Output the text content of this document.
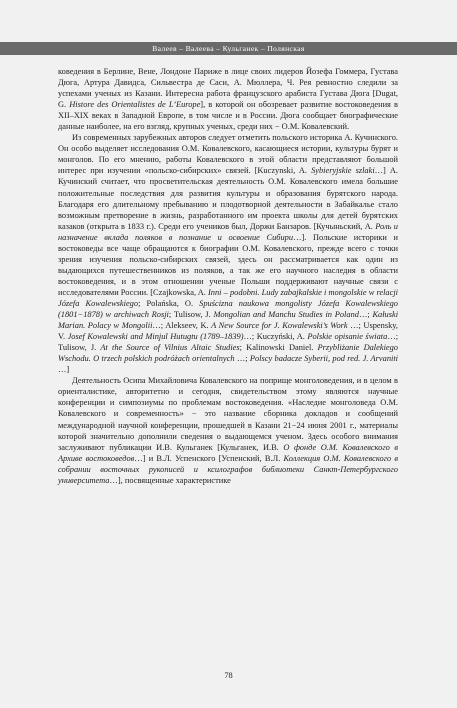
Валеев – Валеева – Кульганек – Полянская

коведения в Берлине, Вене, Лондоне Париже в лице своих лидеров Йозефа Гоммера, Густава Дюга, Артура Давидса, Сильвестра де Саси, А. Мюллера, Ч. Рея ревностно следили за успехами ученых из Казани. Интересна работа французского арабиста Густава Дюга [Dugat, G. Histore des Orientalistes de L’Europe], в которой он обозревает развитие востоковедения в XII–XIX веках в Западной Европе, в том числе и в России. Дюга сообщает биографические данные наиболее, на его взгляд, крупных ученых, среди них − О.М. Ковалевский.

Из современных зарубежных авторов следует отметить польского историка А. Кучинского. Он особо выделяет исследования О.М. Ковалевского, касающиеся истории, культуры бурят и монголов. По его мнению, работы Ковалевского в этой области представляют большой интерес при изучении «польско-сибирских» связей. [Kuczynski, A. Sybieryjskie szlaki…] А. Кучинский считает, что просветительская деятельность О.М. Ковалевского имела большие положительные последствия для развития культуры и образования бурятского народа. Благодаря его длительному пребыванию и плодотворной деятельности в Забайкалье стало возможным претворение в жизнь, разработанного им проекта школы для детей бурятских казаков (открыта в 1833 г.). Среди его учеников был, Доржи Банзаров. [Кучыньский, А. Роль и назначение вклада поляков в познание и освоение Сибири…]. Польские историки и востоковеды все чаще обращаются к биографии О.М. Ковалевского, прежде всего с точки зрения изучения польско-сибирских связей, здесь он рассматривается как один из выдающихся путешественников из поляков, а так же его научного наследия в области востоковедения, и в этом отношении ученые Польши поддерживают научные связи с исследователями России. [Czajkowska, A. Inni – podobni. Ludy zabajkalskie i mongolskie w relacji Józefa Kowalewskiego; Polańska, O. Spuścizna naukowa mongolisty Józefa Kowalewskiego (1801−1878) w archiwach Rosji; Tulisow, J. Mongolian and Manchu Studies in Poland…; Kałuski Marian. Polacy w Mongolii…; Alekseev, K. A New Source for J. Kowalewski’s Work …; Uspensky, V. Josef Kowalewski and Minjul Hutugtu (1789–1839)…; Kuczyński, A. Polskie opisanie świata…; Tulisow, J. At the Source of Vilnius Altaic Studies; Kalinowski Daniel. Przybliżanie Dalekiego Wschodu. O trzech polskich podróżach orientalnych …; Polscy badacze Syberii, pod red. J. Arvaniti …]

Деятельность Осипа Михайловича Ковалевского на поприще монголоведения, и в целом в ориенталистике, авторитетно и сегодня, свидетельством этому являются научные конференции и симпозиумы по проблемам востоковедения. «Наследие монголоведа О.М. Ковалевского и современность» − это название сборника докладов и сообщений международной научной конференции, прошедшей в Казани 21−24 июня 2001 г., материалы которой значительно дополнили сведения о выдающемся ученом. Здесь особого внимания заслуживают публикации И.В. Кульганек [Кульганек, И.В. О фонде О.М. Ковалевского в Архиве востоковедов…] и В.Л. Успенского [Успенский, В.Л. Коллекция О.М. Ковалевского в собрании восточных рукописей и ксилографов библиотеки Санкт-Петербургского университета…], посвященные характеристике

78
